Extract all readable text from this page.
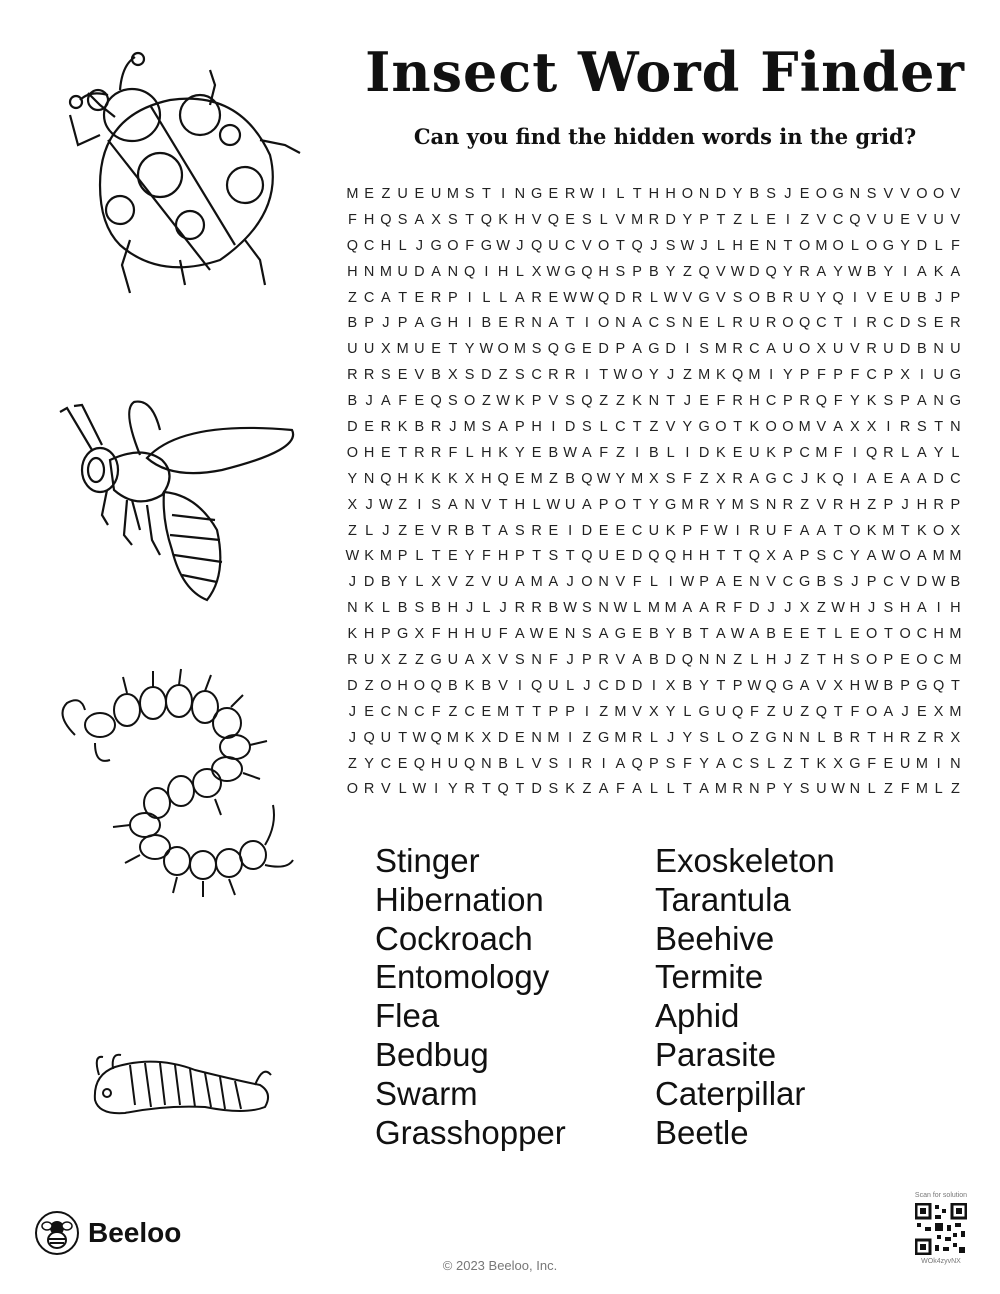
Insect Word Finder
Can you find the hidden words in the grid?
M E Z U E U M S T I N G E R W I L T H H O N D Y B S J E O G N S V V O O V
F H Q S A X S T Q K H V Q E S L V M R D Y P T Z L E I Z V C Q V U E V U V
Q C H L J G O F G W J Q U C V O T Q J S W J L H E N T O M O L O G Y D L F
H N M U D A N Q I H L X W G Q H S P B Y Z Q V W D Q Y R A Y W B Y I A K A
Z C A T E R P I L L A R E W W Q D R L W V G V S O B R U Y Q I V E U B J P
B P J P A G H I B E R N A T I O N A C S N E L R U R O Q C T I R C D S E R
U U X M U E T Y W O M S Q G E D P A G D I S M R C A U O X U V R U D B N U
R R S E V B X S D Z S C R R I T W O Y J Z M K Q M I Y P F P F C P X I U G
B J A F E Q S O Z W K P V S Q Z Z K N T J E F R H C P R Q F Y K S P A N G
D E R K B R J M S A P H I D S L C T Z V Y G O T K O O M V A X X I R S T N
O H E T R R F L H K Y E B W A F Z I B L I D K E U K P C M F I Q R L A Y L
Y N Q H K K K X H Q E M Z B Q W Y M X S F Z X R A G C J K Q I A E A A D C
X J W Z I S A N V T H L W U A P O T Y G M R Y M S N R Z V R H Z P J H R P
Z L J Z E V R B T A S R E I D E E C U K P F W I R U F A A T O K M T K O X
W K M P L T E Y F H P T S T Q U E D Q Q H H T T Q X A P S C Y A W O A M M
J D B Y L X V Z V U A M A J O N V F L I W P A E N V C G B S J P C V D W B
N K L B S B H J L J R R B W S N W L M M A A R F D J J X Z W H J S H A I H
K H P G X F H H U F A W E N S A G E B Y B T A W A B E E T L E O T O C H M
R U X Z Z G U A X V S N F J P R V A B D Q N N Z L H J Z T H S O P E O C M
D Z O H O Q B K B V I Q U L J C D D I X B Y T P W Q G A V X H W B P G Q T
J E C N C F Z C E M T T P P I Z M V X Y L G U Q F Z U Z Q T F O A J E X M
J Q U T W Q M K X D E N M I Z G M R L J Y S L O Z G N N L B R T H R Z R X
Z Y C E Q H U Q N B L V S I R I A Q P S F Y A C S L Z T K X G F E U M I N
O R V L W I Y R T Q T D S K Z A F A L L T A M R N P Y S U W N L Z F M L Z
Stinger
Hibernation
Cockroach
Entomology
Flea
Bedbug
Swarm
Grasshopper
Exoskeleton
Tarantula
Beehive
Termite
Aphid
Parasite
Caterpillar
Beetle
Beeloo
© 2023 Beeloo, Inc.
Scan for solution
WOk4zyvNX
